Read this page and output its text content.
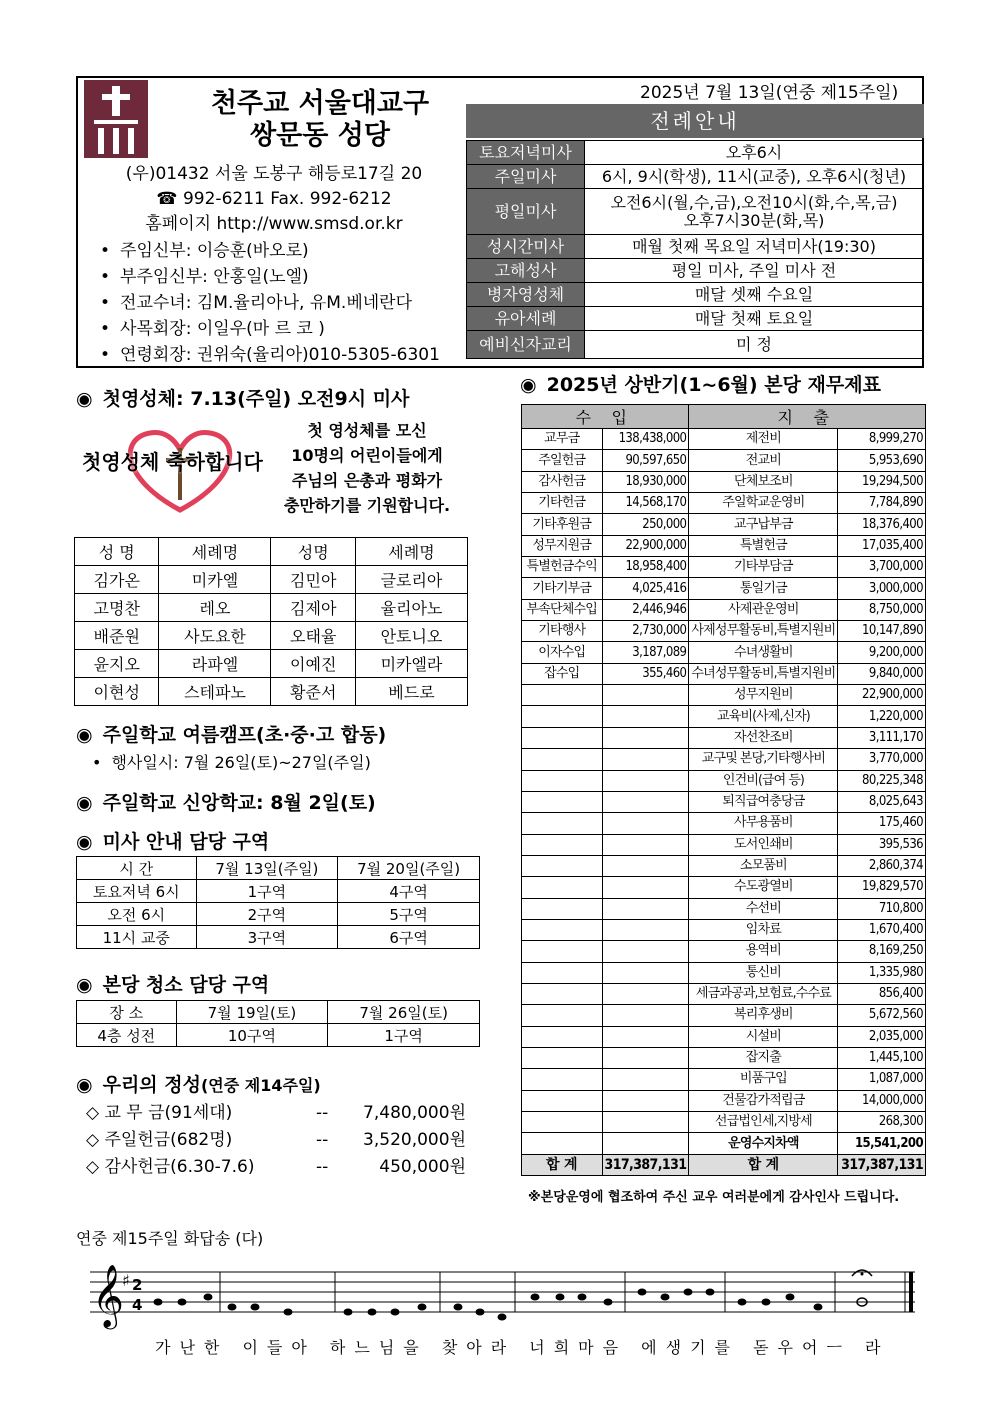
천주교 서울대교구
쌍문동 성당
(우)01432 서울 도봉구 해등로17길 20
☎ 992-6211 Fax. 992-6212
홈페이지 http://www.smsd.or.kr
• 주임신부: 이승훈(바오로)
• 부주임신부: 안홍일(노엘)
• 전교수녀: 김M.율리아나, 유M.베네란다
• 사목회장: 이일우(마 르 코 )
• 연령회장: 권위숙(율리아)010-5305-6301
2025년 7월 13일(연중 제15주일)
전례안내
토요저녁미사	오후6시
주일미사	6시, 9시(학생), 11시(교중), 오후6시(청년)
평일미사	오전6시(월,수,금),오전10시(화,수,목,금)
오후7시30분(화,목)

성시간미사	매월 첫째 목요일 저녁미사(19:30)
고해성사	평일 미사, 주일 미사 전
병자영성체	매달 셋째 수요일
유아세례	매달 첫째 토요일
예비신자교리	미 정
◉ 첫영성체: 7.13(주일) 오전9시 미사
첫영성체 축하합니다
첫 영성체를 모신
10명의 어린이들에게
주님의 은총과 평화가
충만하기를 기원합니다.
성 명	세례명	성명	세례명
김가온	미카엘	김민아	글로리아
고명찬	레오	김제아	율리아노
배준원	사도요한	오태율	안토니오
윤지오	라파엘	이예진	미카엘라
이현성	스테파노	황준서	베드로
◉ 주일학교 여름캠프(초·중·고 합동)
• 행사일시: 7월 26일(토)~27일(주일)
◉ 주일학교 신앙학교: 8월 2일(토)
◉ 미사 안내 담당 구역
시 간	7월 13일(주일)	7월 20일(주일)
토요저녁 6시	1구역	4구역
오전 6시	2구역	5구역
11시 교중	3구역	6구역
◉ 본당 청소 담당 구역
장 소	7월 19일(토)	7월 26일(토)
4층 성전	10구역	1구역
◉ 우리의 정성(연중 제14주일)
◇ 교 무 금(91세대)	--	7,480,000원
◇ 주일헌금(682명)	--	3,520,000원
◇ 감사헌금(6.30-7.6)	--	450,000원
◉ 2025년 상반기(1~6월) 본당 재무제표
수 입		지 출	
교무금	138,438,000	제전비	8,999,270
주일헌금	90,597,650	전교비	5,953,690
감사헌금	18,930,000	단체보조비	19,294,500
기타헌금	14,568,170	주일학교운영비	7,784,890
기타후원금	250,000	교구납부금	18,376,400
성무지원금	22,900,000	특별헌금	17,035,400
특별헌금수익	18,958,400	기타부담금	3,700,000
기타기부금	4,025,416	통일기금	3,000,000
부속단체수입	2,446,946	사제관운영비	8,750,000
기타행사	2,730,000	사제성무활동비,특별지원비	10,147,890
이자수입	3,187,089	수녀생활비	9,200,000
잡수입	355,460	수녀성무활동비,특별지원비	9,840,000
		성무지원비	22,900,000
		교육비(사제,신자)	1,220,000
		자선찬조비	3,111,170
		교구및 본당,기타행사비	3,770,000
		인건비(급여 등)	80,225,348
		퇴직급여충당금	8,025,643
		사무용품비	175,460
		도서인쇄비	395,536
		소모품비	2,860,374
		수도광열비	19,829,570
		수선비	710,800
		임차료	1,670,400
		용역비	8,169,250
		통신비	1,335,980
		세금과공과,보험료,수수료	856,400
		복리후생비	5,672,560
		시설비	2,035,000
		잡지출	1,445,100
		비품구입	1,087,000
		건물감가적립금	14,000,000
		선급법인세,지방세	268,300
		운영수지차액	15,541,200
합 계	317,387,131	합 계	317,387,131
※본당운영에 협조하여 주신 교우 여러분에게 감사인사 드립니다.
연중 제15주일 화답송 (다)
𝄞
♯ 2
4
가난한 이들아 하느님을 찾아라 너희마음 에생기를 돋우어ㅡ 라
